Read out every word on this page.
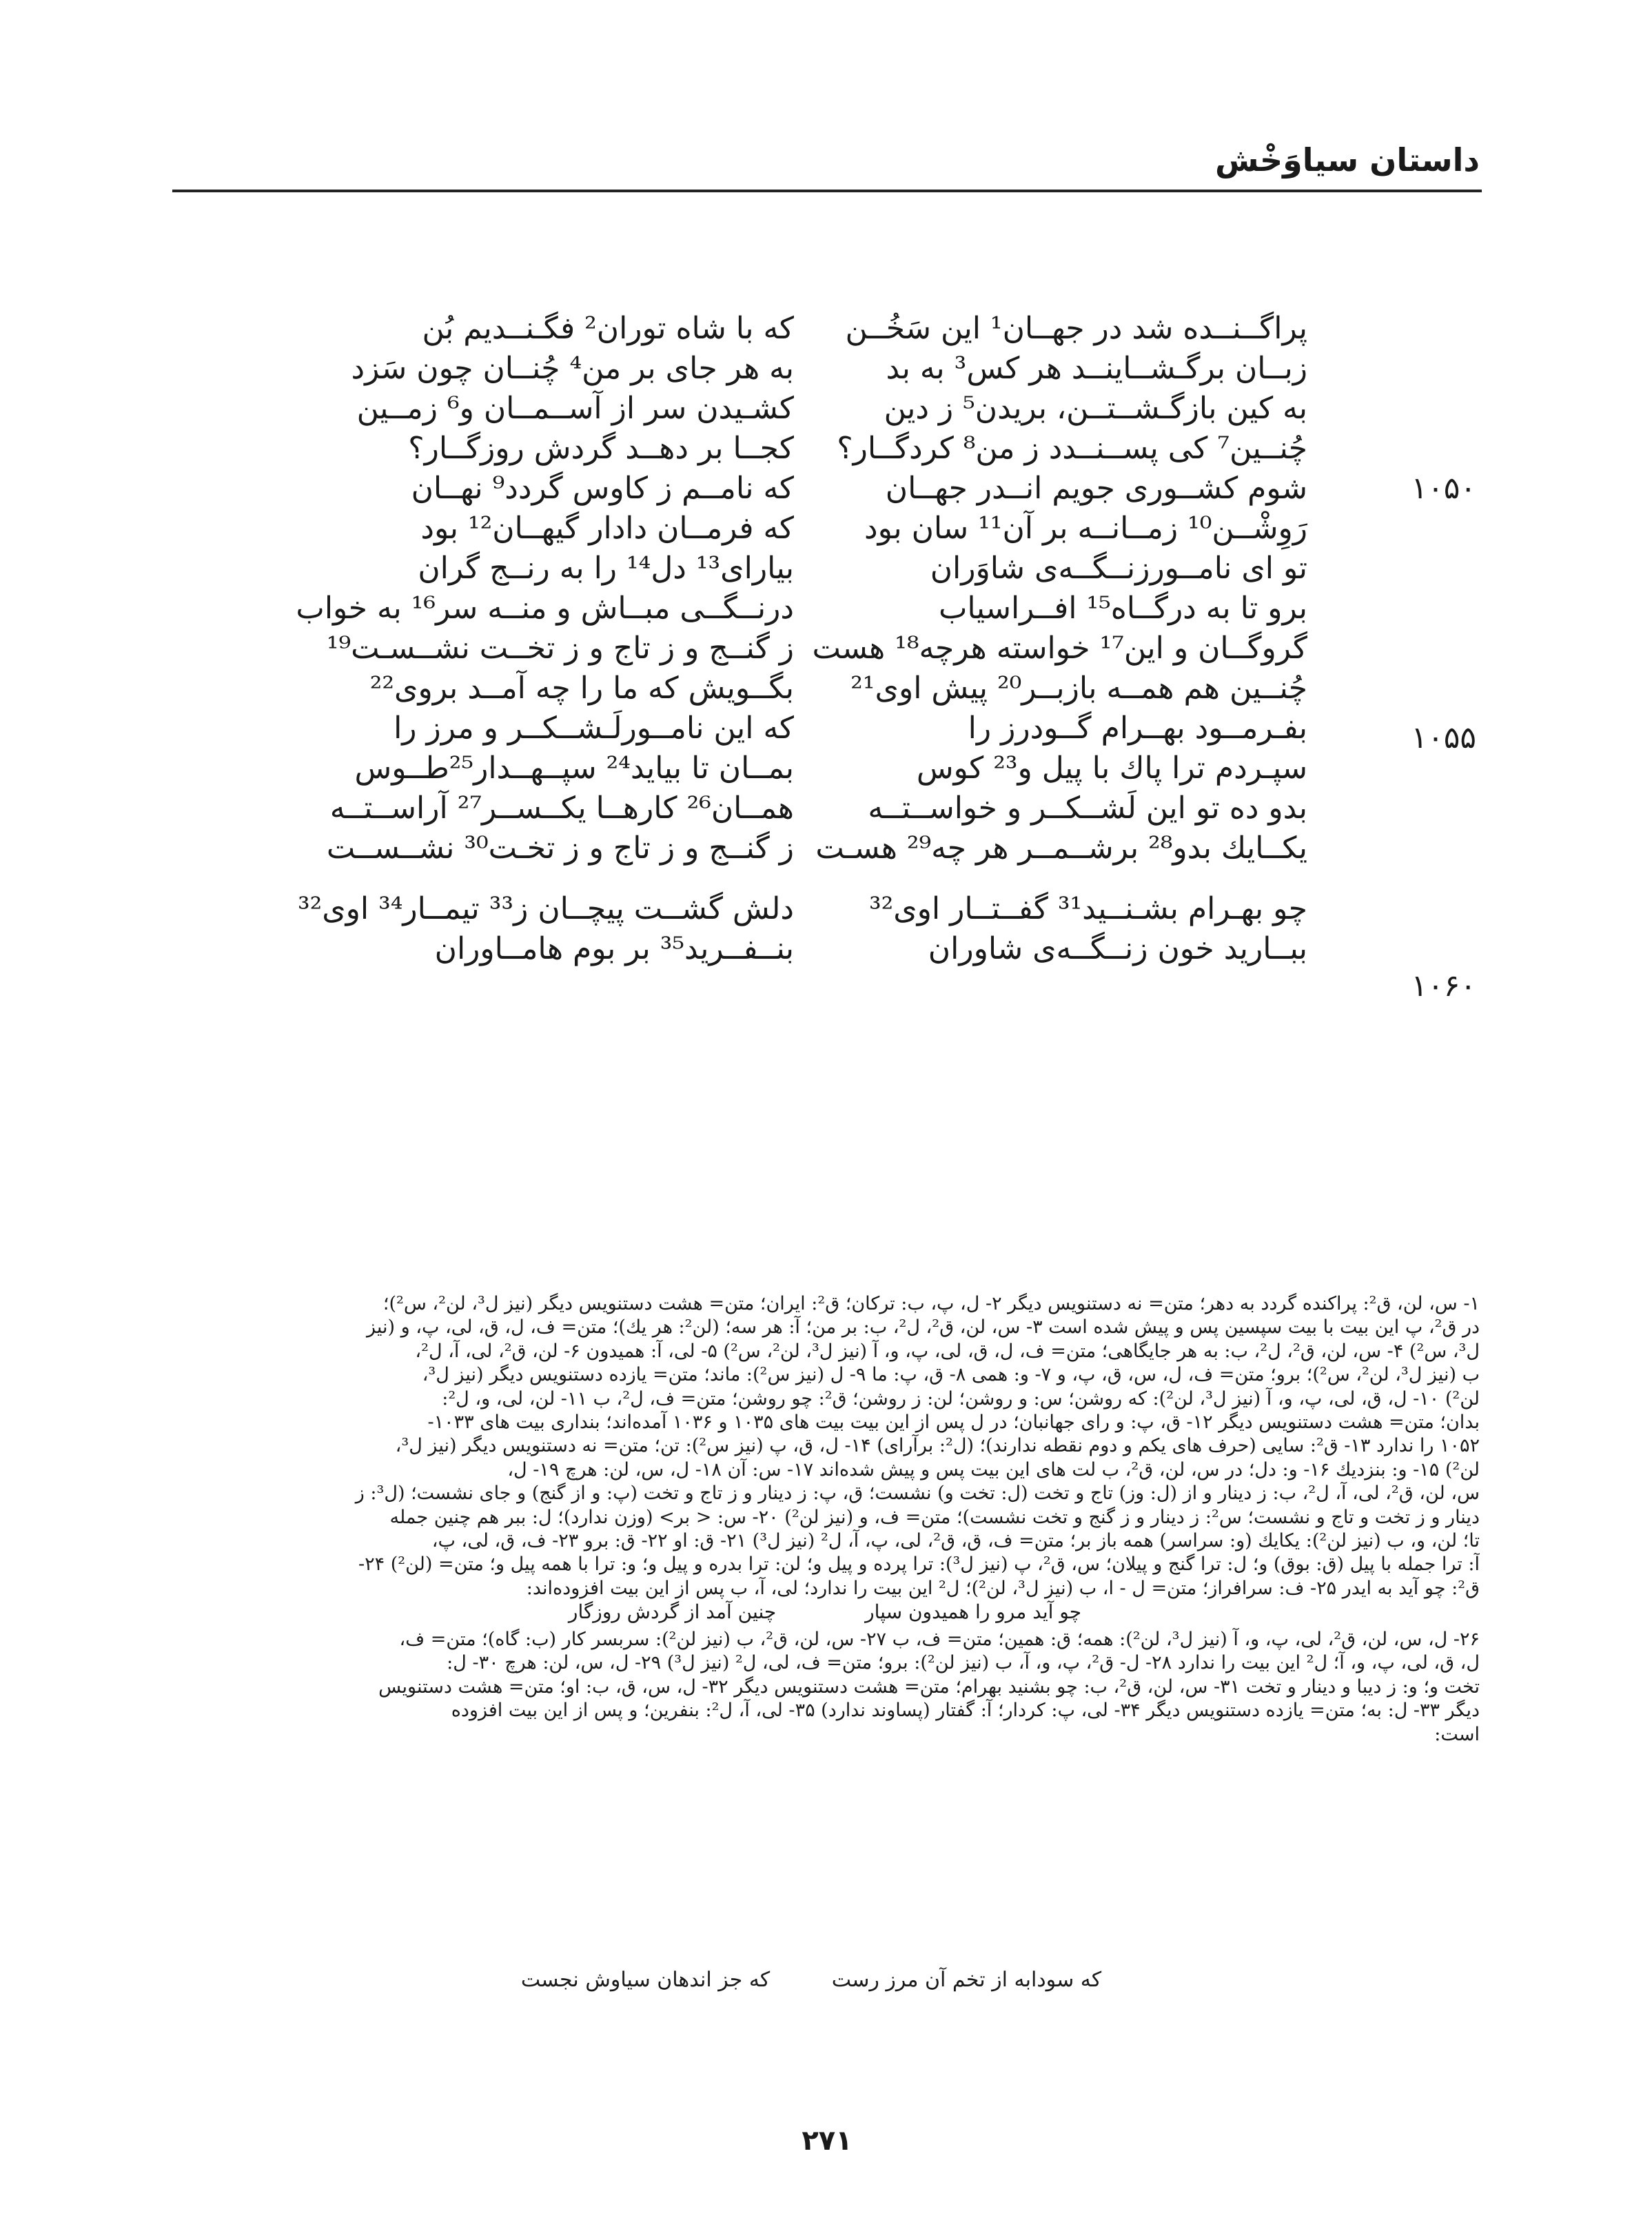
داستان سیاوَخْش
پراگــنــده شد در جهــان¹ این سَخُــن
زبــان برگـشــاینــد هر کس³ به بد
به کین بازگـشــتــن، بریدن⁵ ز دین
چُنــین⁷ کی پســنــدد ز من⁸ کردگــار؟
شوم کشــوری جویم انــدر جهــان
رَوِشْــن¹⁰ زمــانــه بر آن¹¹ سان بود
تو ای نامــورزنــگــه‌ی شاوَران
برو تا به درگــاه¹⁵ افــراسیاب
گروگــان و این¹⁷ خواسته هرچه¹⁸ هست
چُنــین هم همــه بازبــر²⁰ پیش اوی²¹
بفـرمــود بهــرام گــودرز را
سپـردم ترا پاك با پیل و²³ کوس
بدو ده تو این لَشــکــر و خواســتــه
یکــایك بدو²⁸ برشــمــر هر چه²⁹ هسـت
چو بهـرام بشـنــید³¹ گفــتــار اوی³²
ببــارید خون زنــگــه‌ی شاوران
که با شاه توران² فگـنــدیم بُن
به هر جای بر من⁴ چُنــان چون سَزد
کشـیدن سر از آســمــان و⁶ زمــین
کجــا بر دهــد گردش روزگــار؟
که نامــم ز کاوس گردد⁹ نهــان
که فرمــان دادار گیهــان¹² بود
بیارای¹³ دل¹⁴ را به رنــج گران
درنــگــی مبــاش و منــه سر¹⁶ به خواب
ز گنــج و ز تاج و ز تخــت نشــسـت¹⁹
بگــویش که ما را چه آمــد بروی²²
که این نامــورلَـشــکــر و مرز را
بمــان تا بیاید²⁴ سپــهــدار²⁵طــوس
همــان²⁶ کارهــا یکــســر²⁷ آراســتــه
ز گنــج و ز تاج و ز تخـت³⁰ نشــســت
دلش گشــت پیچــان ز³³ تیمــار³⁴ اوی³²
بنــفــرید³⁵ بر بوم هامــاوران
۱۰۵۰
۱۰۵۵
۱۰۶۰
۱- س، لن، ق²: پراکنده گردد به دهر؛ متن= نه دستنویس دیگر ۲- ل، پ، ب: ترکان؛ ق²: ایران؛ متن= هشت دستنویس دیگر (نیز ل³، لن²، س²)؛
در ق²، پ این بیت با بیت سپسین پس و پیش شده است ۳- س، لن، ق²، ل²، ب: بر من؛ آ: هر سه؛ (لن²: هر یك)؛ متن= ف، ل، ق، لی، پ، و (نیز
ل³، س²) ۴- س، لن، ق²، ل²، ب: به هر جایگاهی؛ متن= ف، ل، ق، لی، پ، و، آ (نیز ل³، لن²، س²) ۵- لی، آ: همیدون ۶- لن، ق²، لی، آ، ل²،
ب (نیز ل³، لن²، س²)؛ برو؛ متن= ف، ل، س، ق، پ، و ۷- و: همی ۸- ق، پ: ما ۹- ل (نیز س²): ماند؛ متن= یازده دستنویس دیگر (نیز ل³،
لن²) ۱۰- ل، ق، لی، پ، و، آ (نیز ل³، لن²): که روشن؛ س: و روشن؛ لن: ز روشن؛ ق²: چو روشن؛ متن= ف، ل²، ب ۱۱- لن، لی، و، ل²:
بدان؛ متن= هشت دستنویس دیگر ۱۲- ق، پ: و رای جهانبان؛ در ل پس از این بیت بیت های ۱۰۳۵ و ۱۰۳۶ آمده‌اند؛ بنداری بیت های ۱۰۳۳-
۱۰۵۲ را ندارد ۱۳- ق²: سایی (حرف های یکم و دوم نقطه ندارند)؛ (ل²: برآرای) ۱۴- ل، ق، پ (نیز س²): تن؛ متن= نه دستنویس دیگر (نیز ل³،
لن²) ۱۵- و: بنزدیك ۱۶- و: دل؛ در س، لن، ق²، ب لت های این بیت پس و پیش شده‌اند ۱۷- س: آن ۱۸- ل، س، لن: هرچ ۱۹- ل،
س، لن، ق²، لی، آ، ل²، ب: ز دینار و از (ل: وز) تاج و تخت (ل: تخت و) نشست؛ ق، پ: ز دینار و ز تاج و تخت (پ: و از گنج) و جای نشست؛ (ل³: ز
دینار و ز تخت و تاج و نشست؛ س²: ز دینار و ز گنج و تخت نشست)؛ متن= ف، و (نیز لن²) ۲۰- س: < بر> (وزن ندارد)؛ ل: ببر هم چنین جمله
تا؛ لن، و، ب (نیز لن²): یکایك (و: سراسر) همه باز بر؛ متن= ف، ق، ق²، لی، پ، آ، ل² (نیز ل³) ۲۱- ق: او ۲۲- ق: برو ۲۳- ف، ق، لی، پ،
آ: ترا جمله با پیل (ق: بوق) و؛ ل: ترا گنج و پیلان؛ س، ق²، پ (نیز ل³): ترا پرده و پیل و؛ لن: ترا بدره و پیل و؛ و: ترا با همه پیل و؛ متن= (لن²) ۲۴-
ق²: چو آید به ایدر ۲۵- ف: سرافراز؛ متن= ل - ا، ب (نیز ل³، لن²)؛ ل² این بیت را ندارد؛ لی، آ، ب پس از این بیت افزوده‌اند:
چو آید مرو را همیدون سپار چنین آمد از گردش روزگار
۲۶- ل، س، لن، ق²، لی، پ، و، آ (نیز ل³، لن²): همه؛ ق: همین؛ متن= ف، ب ۲۷- س، لن، ق²، ب (نیز لن²): سربسر کار (ب: گاه)؛ متن= ف،
ل، ق، لی، پ، و، آ؛ ل² این بیت را ندارد ۲۸- ل- ق²، پ، و، آ، ب (نیز لن²): برو؛ متن= ف، لی، ل² (نیز ل³) ۲۹- ل، س، لن: هرچ ۳۰- ل:
تخت و؛ و: ز دیبا و دینار و تخت ۳۱- س، لن، ق²، ب: چو بشنید بهرام؛ متن= هشت دستنویس دیگر ۳۲- ل، س، ق، ب: او؛ متن= هشت دستنویس
دیگر ۳۳- ل: به؛ متن= یازده دستنویس دیگر ۳۴- لی، پ: کردار؛ آ: گفتار (پساوند ندارد) ۳۵- لی، آ، ل²: بنفرین؛ و پس از این بیت افزوده
است:
که سودابه از تخم آن مرز رست که جز اندهان سیاوش نجست
۲۷۱
